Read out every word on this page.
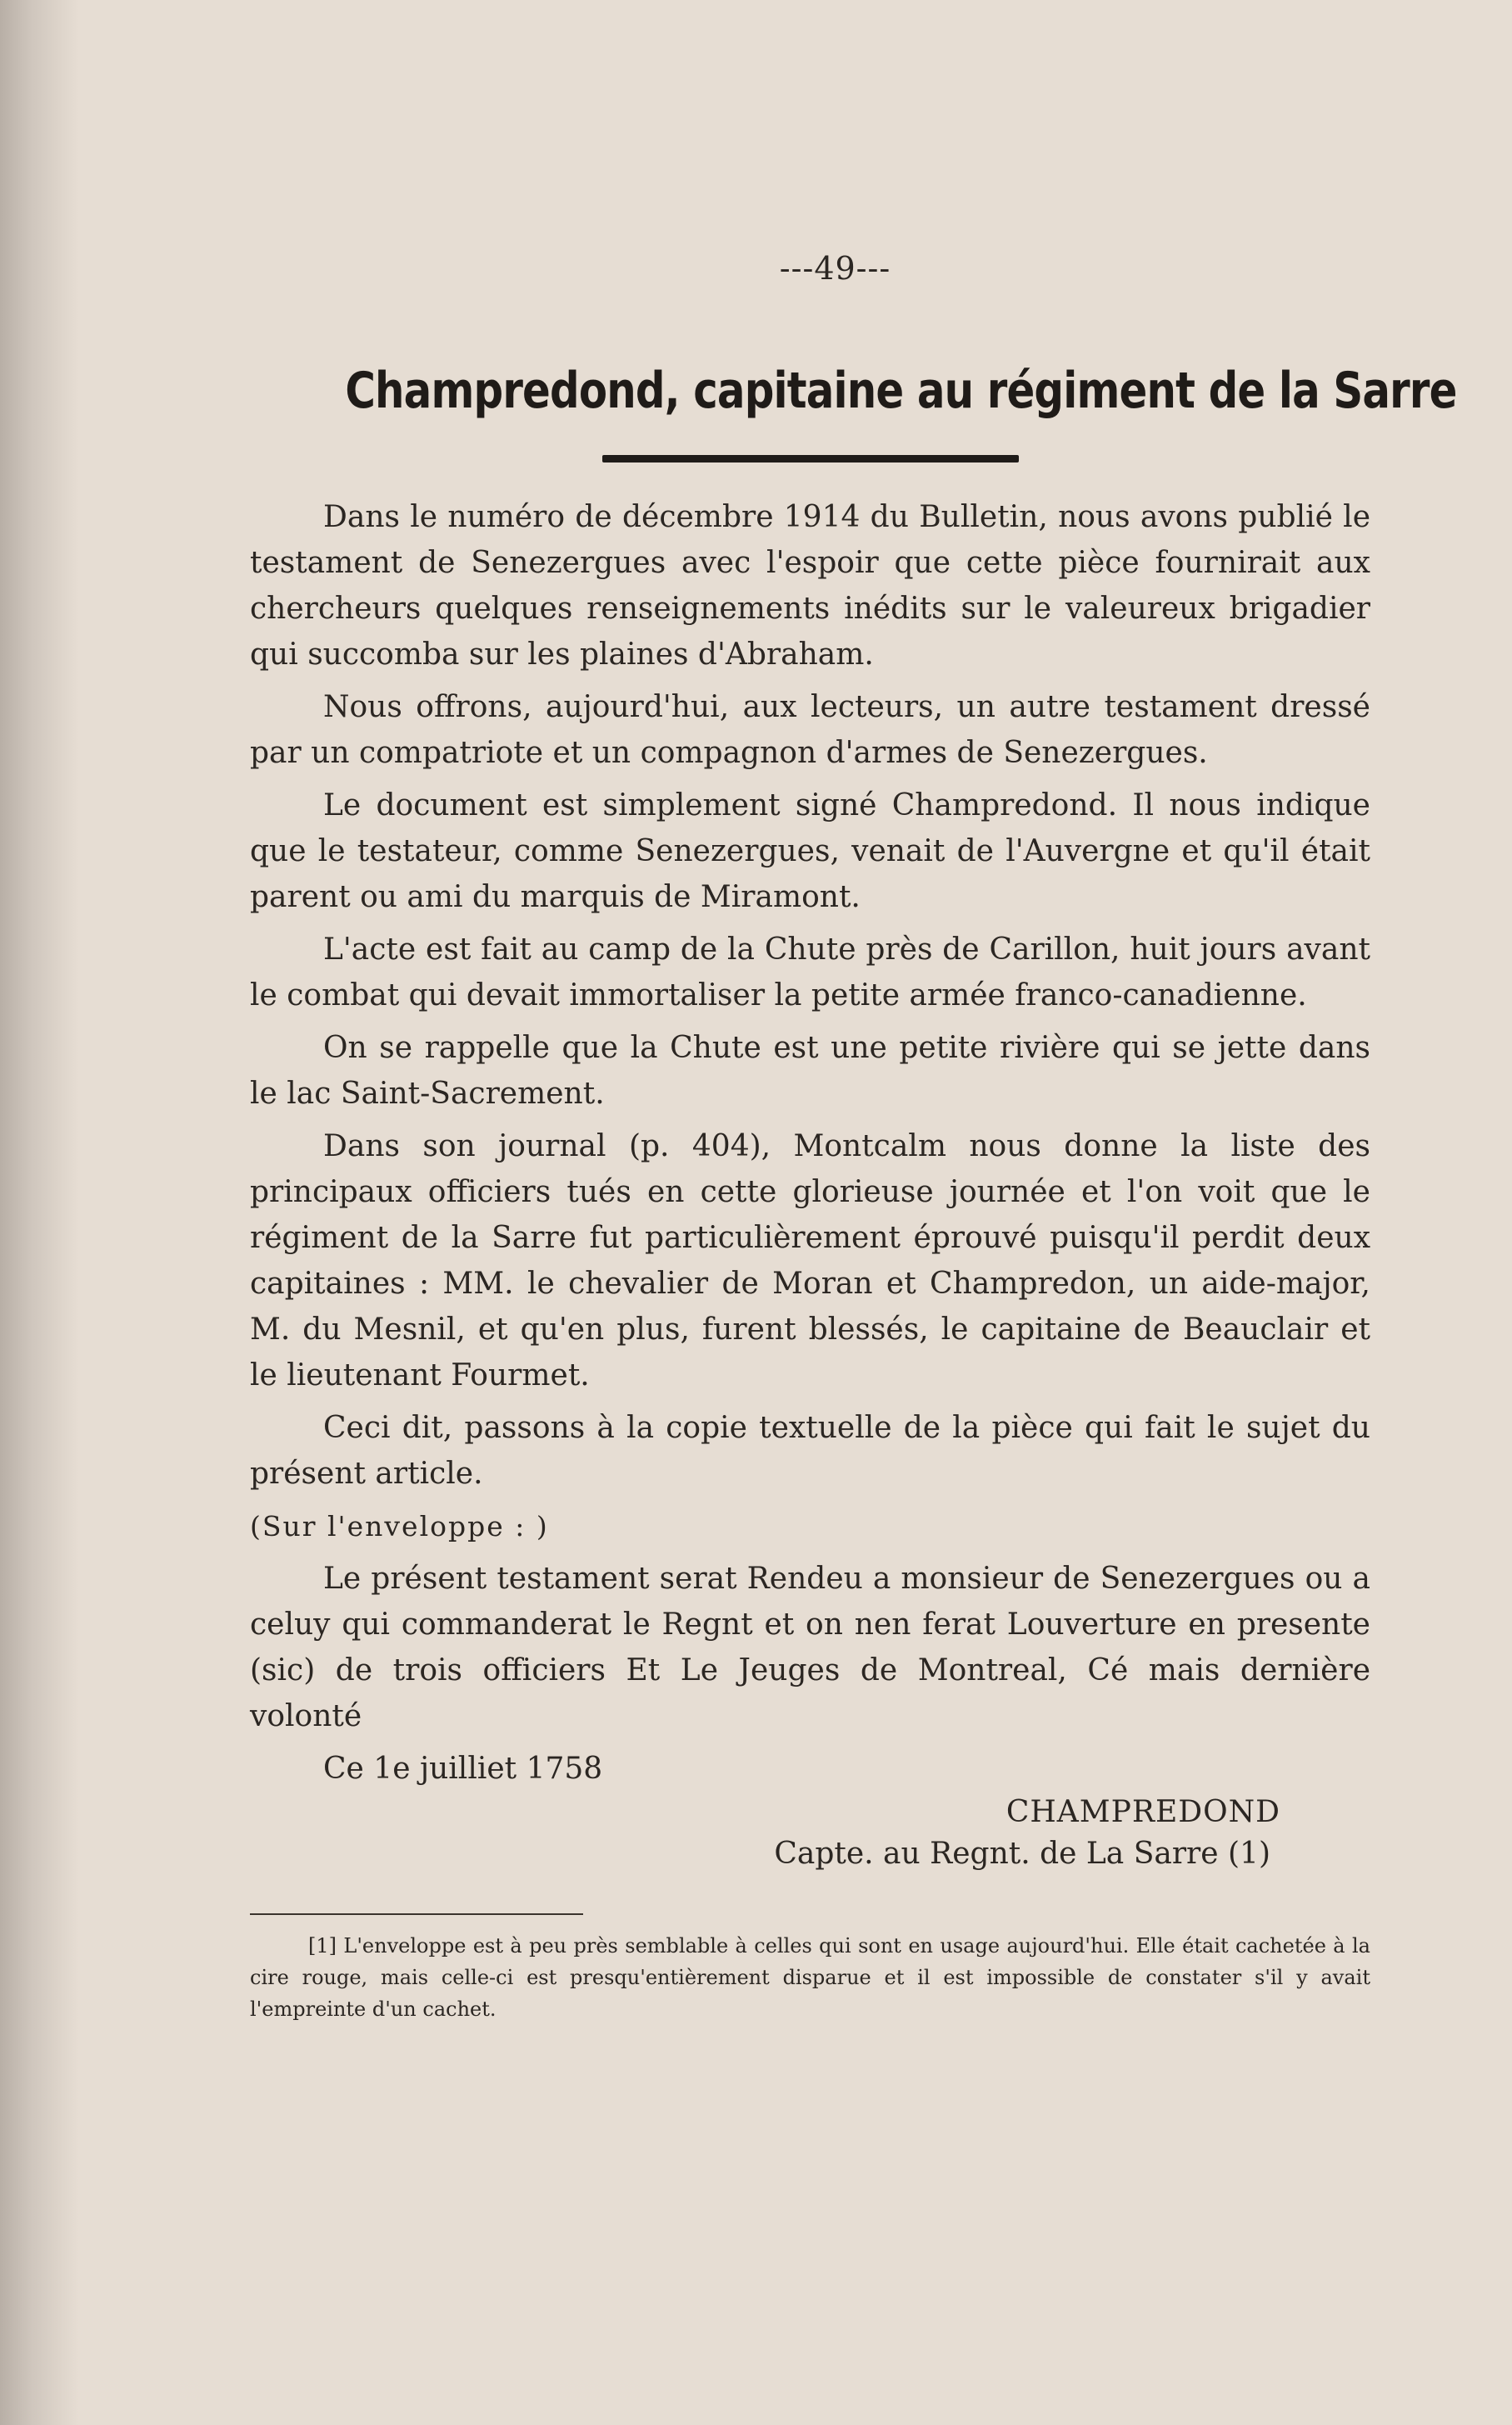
---49---
Champredond, capitaine au régiment de la Sarre

Dans le numéro de décembre 1914 du Bulletin, nous avons publié le testament de Senezergues avec l'espoir que cette pièce fournirait aux chercheurs quelques renseignements inédits sur le valeureux brigadier qui succomba sur les plaines d'Abraham.

Nous offrons, aujourd'hui, aux lecteurs, un autre testament dressé par un compatriote et un compagnon d'armes de Senezergues.

Le document est simplement signé Champredond. Il nous indique que le testateur, comme Senezergues, venait de l'Auvergne et qu'il était parent ou ami du marquis de Miramont.

L'acte est fait au camp de la Chute près de Carillon, huit jours avant le combat qui devait immortaliser la petite armée franco-canadienne.

On se rappelle que la Chute est une petite rivière qui se jette dans le lac Saint-Sacrement.

Dans son journal (p. 404), Montcalm nous donne la liste des principaux officiers tués en cette glorieuse journée et l'on voit que le régiment de la Sarre fut particulièrement éprouvé puisqu'il perdit deux capitaines : MM. le chevalier de Moran et Champredon, un aide-major, M. du Mesnil, et qu'en plus, furent blessés, le capitaine de Beauclair et le lieutenant Fourmet.

Ceci dit, passons à la copie textuelle de la pièce qui fait le sujet du présent article.

(Sur l'enveloppe : )

Le présent testament serat Rendeu a monsieur de Senezergues ou a celuy qui commanderat le Regnt et on nen ferat Louverture en presente (sic) de trois officiers Et Le Jeuges de Montreal, Cé mais dernière volonté

Ce 1e juilliet 1758

CHAMPREDOND
Capte. au Regnt. de La Sarre (1)
[1] L'enveloppe est à peu près semblable à celles qui sont en usage aujourd'hui. Elle était cachetée à la cire rouge, mais celle-ci est presqu'entièrement disparue et il est impossible de constater s'il y avait l'empreinte d'un cachet.
